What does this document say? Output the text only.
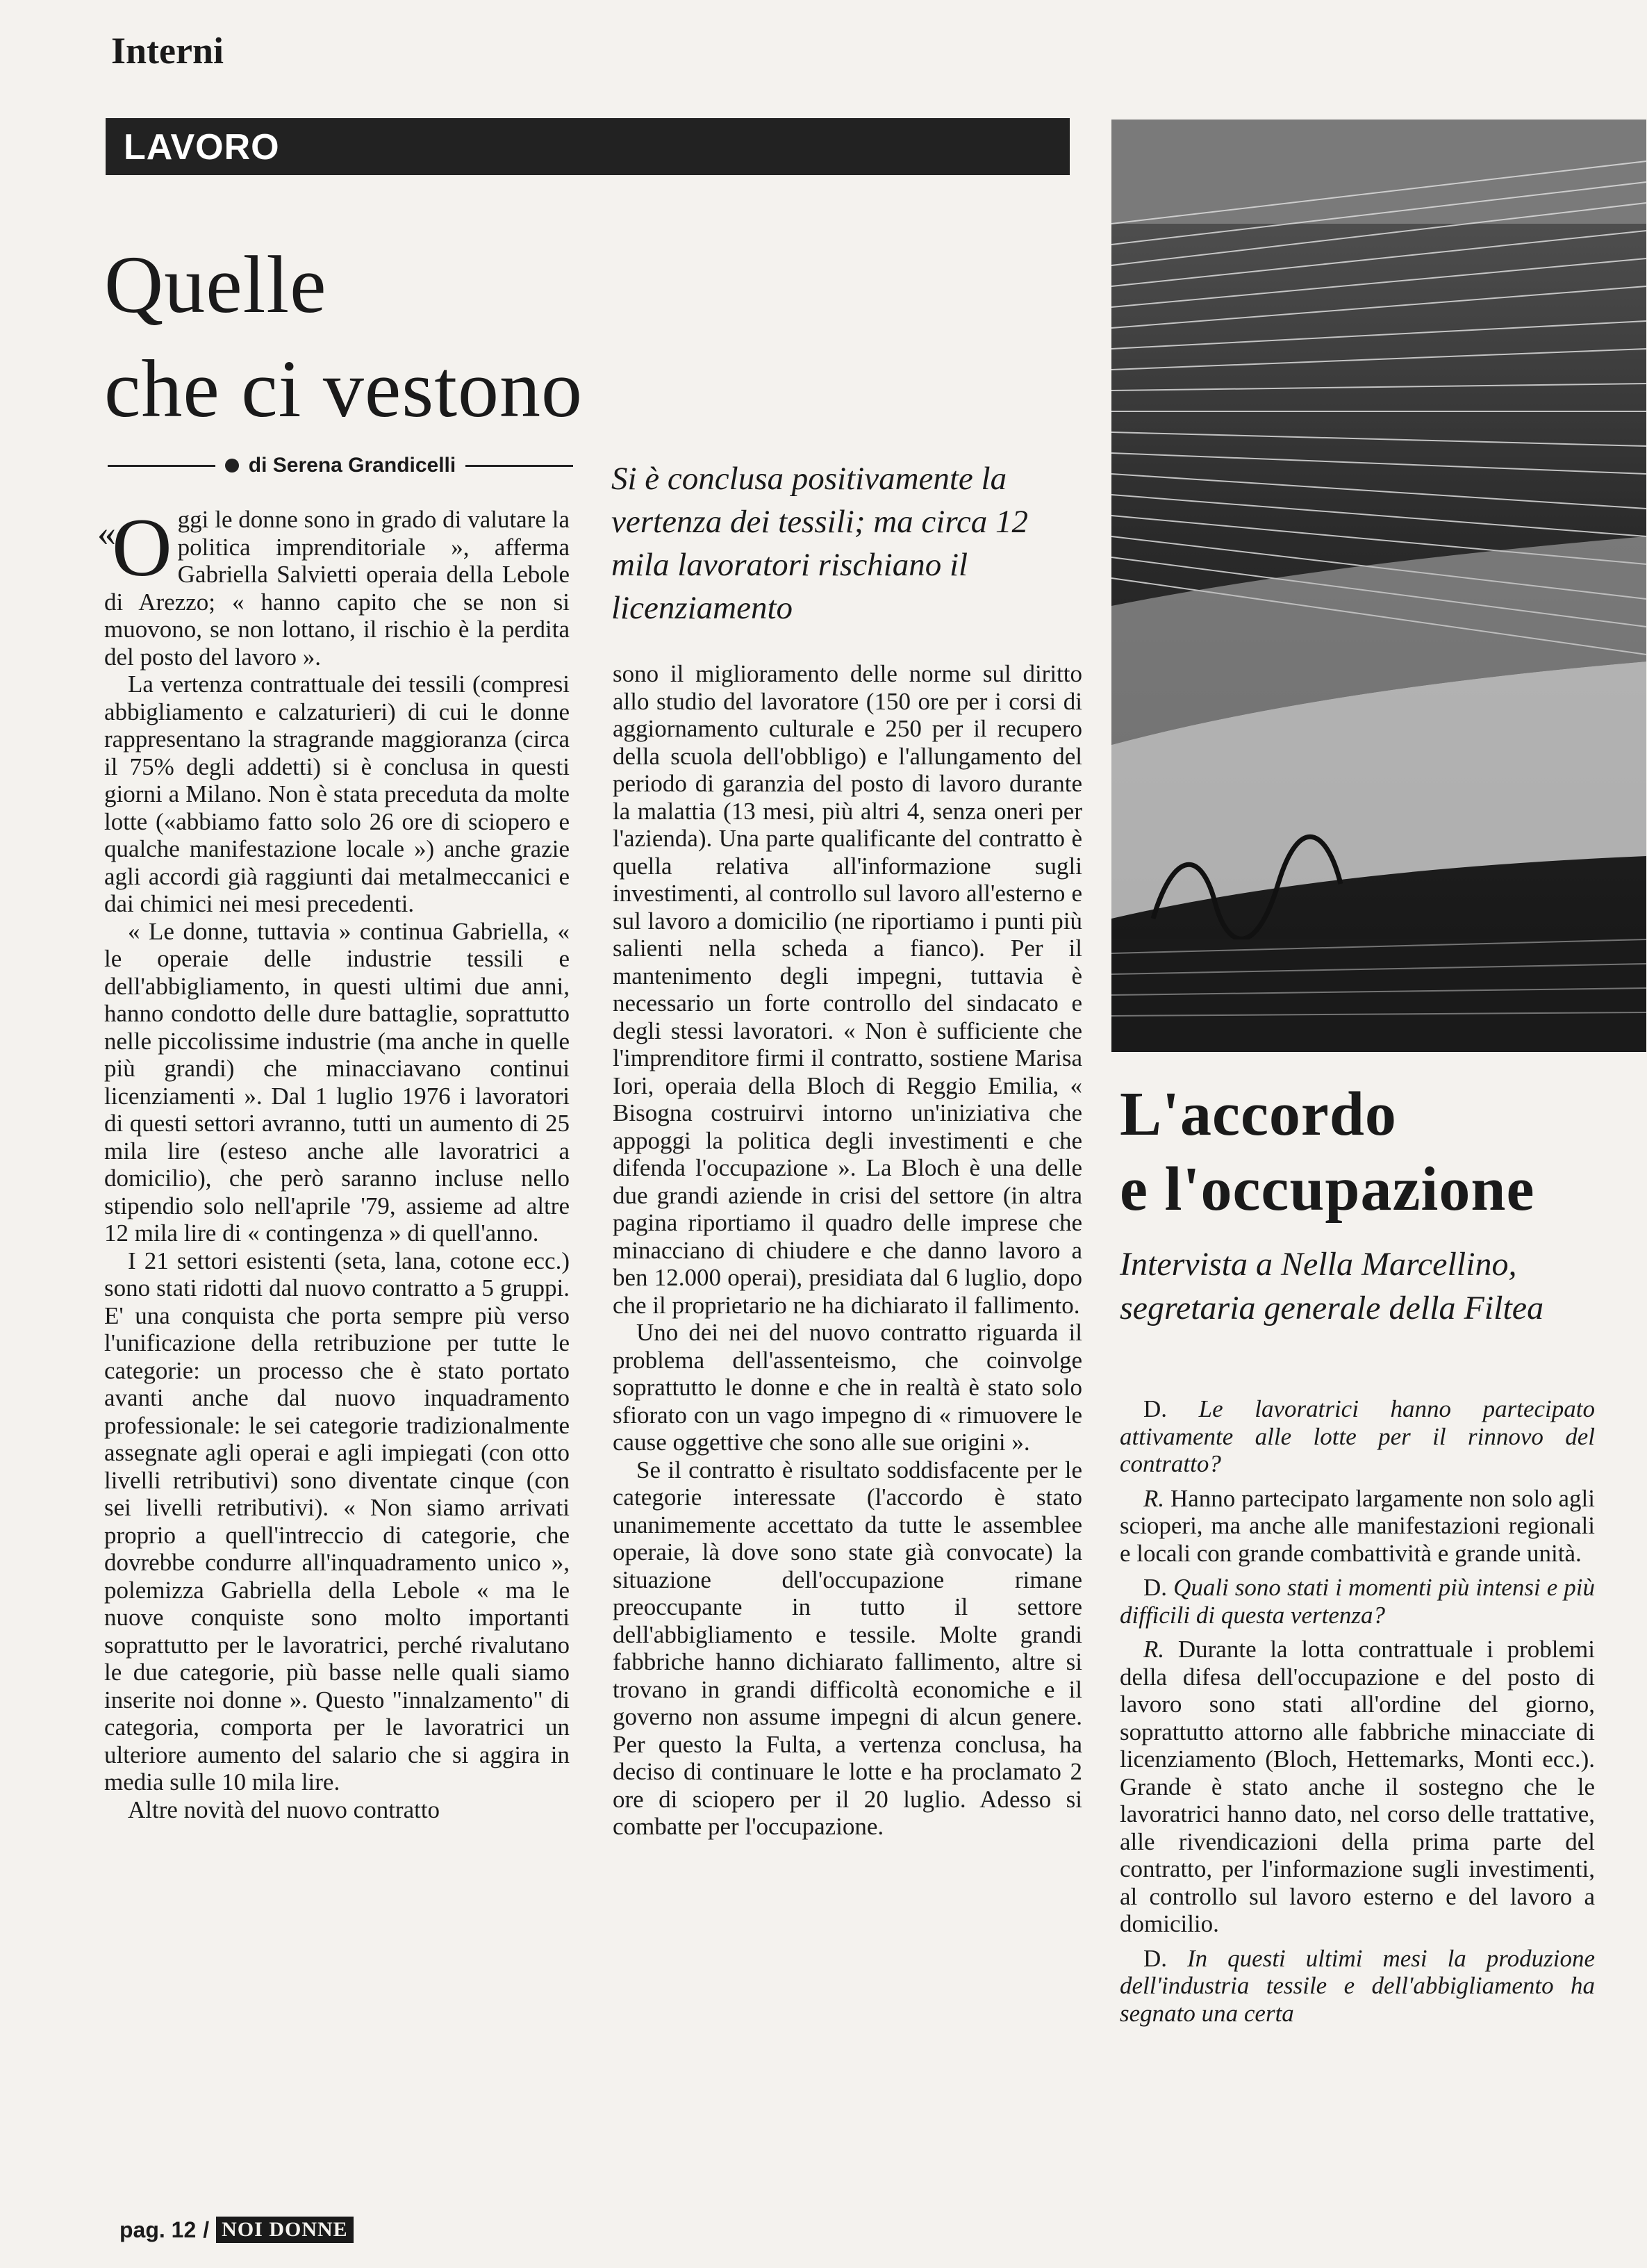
Interni
LAVORO
Quelle
che ci vestono
di Serena Grandicelli	Si è conclusa positivamente la vertenza dei tessili; ma circa 12 mila lavoratori rischiano il licenziamento

«
O ggi le donne sono in grado di valutare la politica imprenditoriale », afferma Gabriella Salvietti operaia della Lebole di Arezzo; « hanno capito che se non si muovono, se non lottano, il rischio è la perdita del posto del lavoro ».

La vertenza contrattuale dei tessili (compresi abbigliamento e calzaturieri) di cui le donne rappresentano la stragrande maggioranza (circa il 75% degli addetti) si è conclusa in questi giorni a Milano. Non è stata preceduta da molte lotte («abbiamo fatto solo 26 ore di sciopero e qualche manifestazione locale ») anche grazie agli accordi già raggiunti dai metalmeccanici e dai chimici nei mesi precedenti.

« Le donne, tuttavia » continua Gabriella, « le operaie delle industrie tessili e dell'abbigliamento, in questi ultimi due anni, hanno condotto delle dure battaglie, soprattutto nelle piccolissime industrie (ma anche in quelle più grandi) che minacciavano continui licenziamenti ». Dal 1 luglio 1976 i lavoratori di questi settori avranno, tutti un aumento di 25 mila lire (esteso anche alle lavoratrici a domicilio), che però saranno incluse nello stipendio solo nell'aprile '79, assieme ad altre 12 mila lire di « contingenza » di quell'anno.

I 21 settori esistenti (seta, lana, cotone ecc.) sono stati ridotti dal nuovo contratto a 5 gruppi. E' una conquista che porta sempre più verso l'unificazione della retribuzione per tutte le categorie: un processo che è stato portato avanti anche dal nuovo inquadramento professionale: le sei categorie tradizionalmente assegnate agli operai e agli impiegati (con otto livelli retributivi) sono diventate cinque (con sei livelli retributivi). « Non siamo arrivati proprio a quell'intreccio di categorie, che dovrebbe condurre all'inquadramento unico », polemizza Gabriella della Lebole « ma le nuove conquiste sono molto importanti soprattutto per le lavoratrici, perché rivalutano le due categorie, più basse nelle quali siamo inserite noi donne ». Questo "innalzamento" di categoria, comporta per le lavoratrici un ulteriore aumento del salario che si aggira in media sulle 10 mila lire.

Altre novità del nuovo contratto

sono il miglioramento delle norme sul diritto allo studio del lavoratore (150 ore per i corsi di aggiornamento culturale e 250 per il recupero della scuola dell'obbligo) e l'allungamento del periodo di garanzia del posto di lavoro durante la malattia (13 mesi, più altri 4, senza oneri per l'azienda). Una parte qualificante del contratto è quella relativa all'informazione sugli investimenti, al controllo sul lavoro all'esterno e sul lavoro a domicilio (ne riportiamo i punti più salienti nella scheda a fianco). Per il mantenimento degli impegni, tuttavia è necessario un forte controllo del sindacato e degli stessi lavoratori. « Non è sufficiente che l'imprenditore firmi il contratto, sostiene Marisa Iori, operaia della Bloch di Reggio Emilia, « Bisogna costruirvi intorno un'iniziativa che appoggi la politica degli investimenti e che difenda l'occupazione ». La Bloch è una delle due grandi aziende in crisi del settore (in altra pagina riportiamo il quadro delle imprese che minacciano di chiudere e che danno lavoro a ben 12.000 operai), presidiata dal 6 luglio, dopo che il proprietario ne ha dichiarato il fallimento.

Uno dei nei del nuovo contratto riguarda il problema dell'assenteismo, che coinvolge soprattutto le donne e che in realtà è stato solo sfiorato con un vago impegno di « rimuovere le cause oggettive che sono alle sue origini ».

Se il contratto è risultato soddisfacente per le categorie interessate (l'accordo è stato unanimemente accettato da tutte le assemblee operaie, là dove sono state già convocate) la situazione dell'occupazione rimane preoccupante in tutto il settore dell'abbigliamento e tessile. Molte grandi fabbriche hanno dichiarato fallimento, altre si trovano in grandi difficoltà economiche e il governo non assume impegni di alcun genere. Per questo la Fulta, a vertenza conclusa, ha deciso di continuare le lotte e ha proclamato 2 ore di sciopero per il 20 luglio. Adesso si combatte per l'occupazione.

L'accordo
e l'occupazione
Intervista a Nella Marcellino, segretaria generale della Filtea

D. Le lavoratrici hanno partecipato attivamente alle lotte per il rinnovo del contratto?

R. Hanno partecipato largamente non solo agli scioperi, ma anche alle manifestazioni regionali e locali con grande combattività e grande unità.

D. Quali sono stati i momenti più intensi e più difficili di questa vertenza?

R. Durante la lotta contrattuale i problemi della difesa dell'occupazione e del posto di lavoro sono stati all'ordine del giorno, soprattutto attorno alle fabbriche minacciate di licenziamento (Bloch, Hettemarks, Monti ecc.). Grande è stato anche il sostegno che le lavoratrici hanno dato, nel corso delle trattative, alle rivendicazioni della prima parte del contratto, per l'informazione sugli investimenti, al controllo sul lavoro esterno e del lavoro a domicilio.

D. In questi ultimi mesi la produzione dell'industria tessile e dell'abbigliamento ha segnato una certa

pag. 12 / NOI DONNE
